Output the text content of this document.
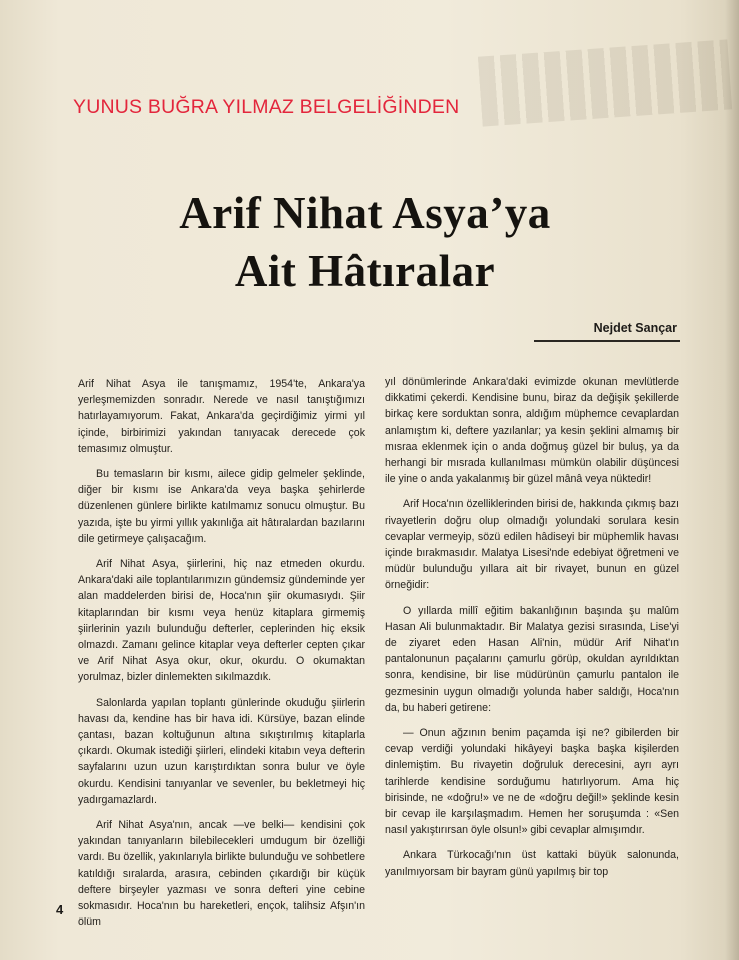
YUNUS BUĞRA YILMAZ BELGELİĞİNDEN
Arif Nihat Asya’ya
Ait Hâtıralar
Nejdet Sançar

Arif Nihat Asya ile tanışmamız, 1954'te, Ankara'ya yerleşmemizden sonradır. Nerede ve nasıl tanıştığımızı hatırlayamıyorum. Fakat, Ankara'da geçirdiğimiz yirmi yıl içinde, birbirimizi yakından tanıyacak derecede çok temasımız olmuştur.

Bu temasların bir kısmı, ailece gidip gelmeler şeklinde, diğer bir kısmı ise Ankara'da veya başka şehirlerde düzenlenen günlere birlikte katılmamız sonucu olmuştur. Bu yazıda, işte bu yirmi yıllık yakınlığa ait hâtıralardan bazılarını dile getirmeye çalışacağım.

Arif Nihat Asya, şiirlerini, hiç naz etmeden okurdu. Ankara'daki aile toplantılarımızın gündemsiz gündeminde yer alan maddelerden birisi de, Hoca'nın şiir okumasıydı. Şiir kitaplarından bir kısmı veya henüz kitaplara girmemiş şiirlerinin yazılı bulunduğu defterler, ceplerinden hiç eksik olmazdı. Zamanı gelince kitaplar veya defterler cepten çıkar ve Arif Nihat Asya okur, okur, okurdu. O okumaktan yorulmaz, bizler dinlemekten sıkılmazdık.

Salonlarda yapılan toplantı günlerinde okuduğu şiirlerin havası da, kendine has bir hava idi. Kürsüye, bazan elinde çantası, bazan koltuğunun altına sıkıştırılmış kitaplarla çıkardı. Okumak istediği şiirleri, elindeki kitabın veya defterin sayfalarını uzun uzun karıştırdıktan sonra bulur ve öyle okurdu. Kendisini tanıyanlar ve sevenler, bu bekletmeyi hiç yadırgamazlardı.

Arif Nihat Asya'nın, ancak —ve belki— kendisini çok yakından tanıyanların bilebilecekleri umdugum bir özelliği vardı. Bu özellik, yakınlarıyla birlikte bulunduğu ve sohbetlere katıldığı sıralarda, arasıra, cebinden çıkardığı bir küçük deftere birşeyler yazması ve sonra defteri yine cebine sokmasıdır. Hoca'nın bu hareketleri, ençok, talihsiz Afşın'ın ölüm

yıl dönümlerinde Ankara'daki evimizde okunan mevlütlerde dikkatimi çekerdi. Kendisine bunu, biraz da değişik şekillerde birkaç kere sorduktan sonra, aldığım müphemce cevaplardan anlamıştım ki, deftere yazılanlar; ya kesin şeklini almamış bir mısraa eklenmek için o anda doğmuş güzel bir buluş, ya da herhangi bir mısrada kullanılması mümkün olabilir düşüncesi ile yine o anda yakalanmış bir güzel mânâ veya nüktedir!

Arif Hoca'nın özelliklerinden birisi de, hakkında çıkmış bazı rivayetlerin doğru olup olmadığı yolundaki sorulara kesin cevaplar vermeyip, sözü edilen hâdiseyi bir müphemlik havası içinde bırakmasıdır. Malatya Lisesi'nde edebiyat öğretmeni ve müdür bulunduğu yıllara ait bir rivayet, bunun en güzel örneğidir:

O yıllarda millî eğitim bakanlığının başında şu malûm Hasan Ali bulunmaktadır. Bir Malatya gezisi sırasında, Lise'yi de ziyaret eden Hasan Ali'nin, müdür Arif Nihat'ın pantalonunun paçalarını çamurlu görüp, okuldan ayrıldıktan sonra, kendisine, bir lise müdürünün çamurlu pantalon ile gezmesinin uygun olmadığı yolunda haber saldığı, Hoca'nın da, bu haberi getirene:

— Onun ağzının benim paçamda işi ne? gibilerden bir cevap verdiği yolundaki hikâyeyi başka başka kişilerden dinlemiştim. Bu rivayetin doğruluk derecesini, ayrı ayrı tarihlerde kendisine sorduğumu hatırlıyorum. Ama hiç birisinde, ne «doğru!» ve ne de «doğru değil!» şeklinde kesin bir cevap ile karşılaşmadım. Hemen her soruşumda : «Sen nasıl yakıştırırsan öyle olsun!» gibi cevaplar almışımdır.

Ankara Türkocağı'nın üst kattaki büyük salonunda, yanılmıyorsam bir bayram günü yapılmış bir top

4
